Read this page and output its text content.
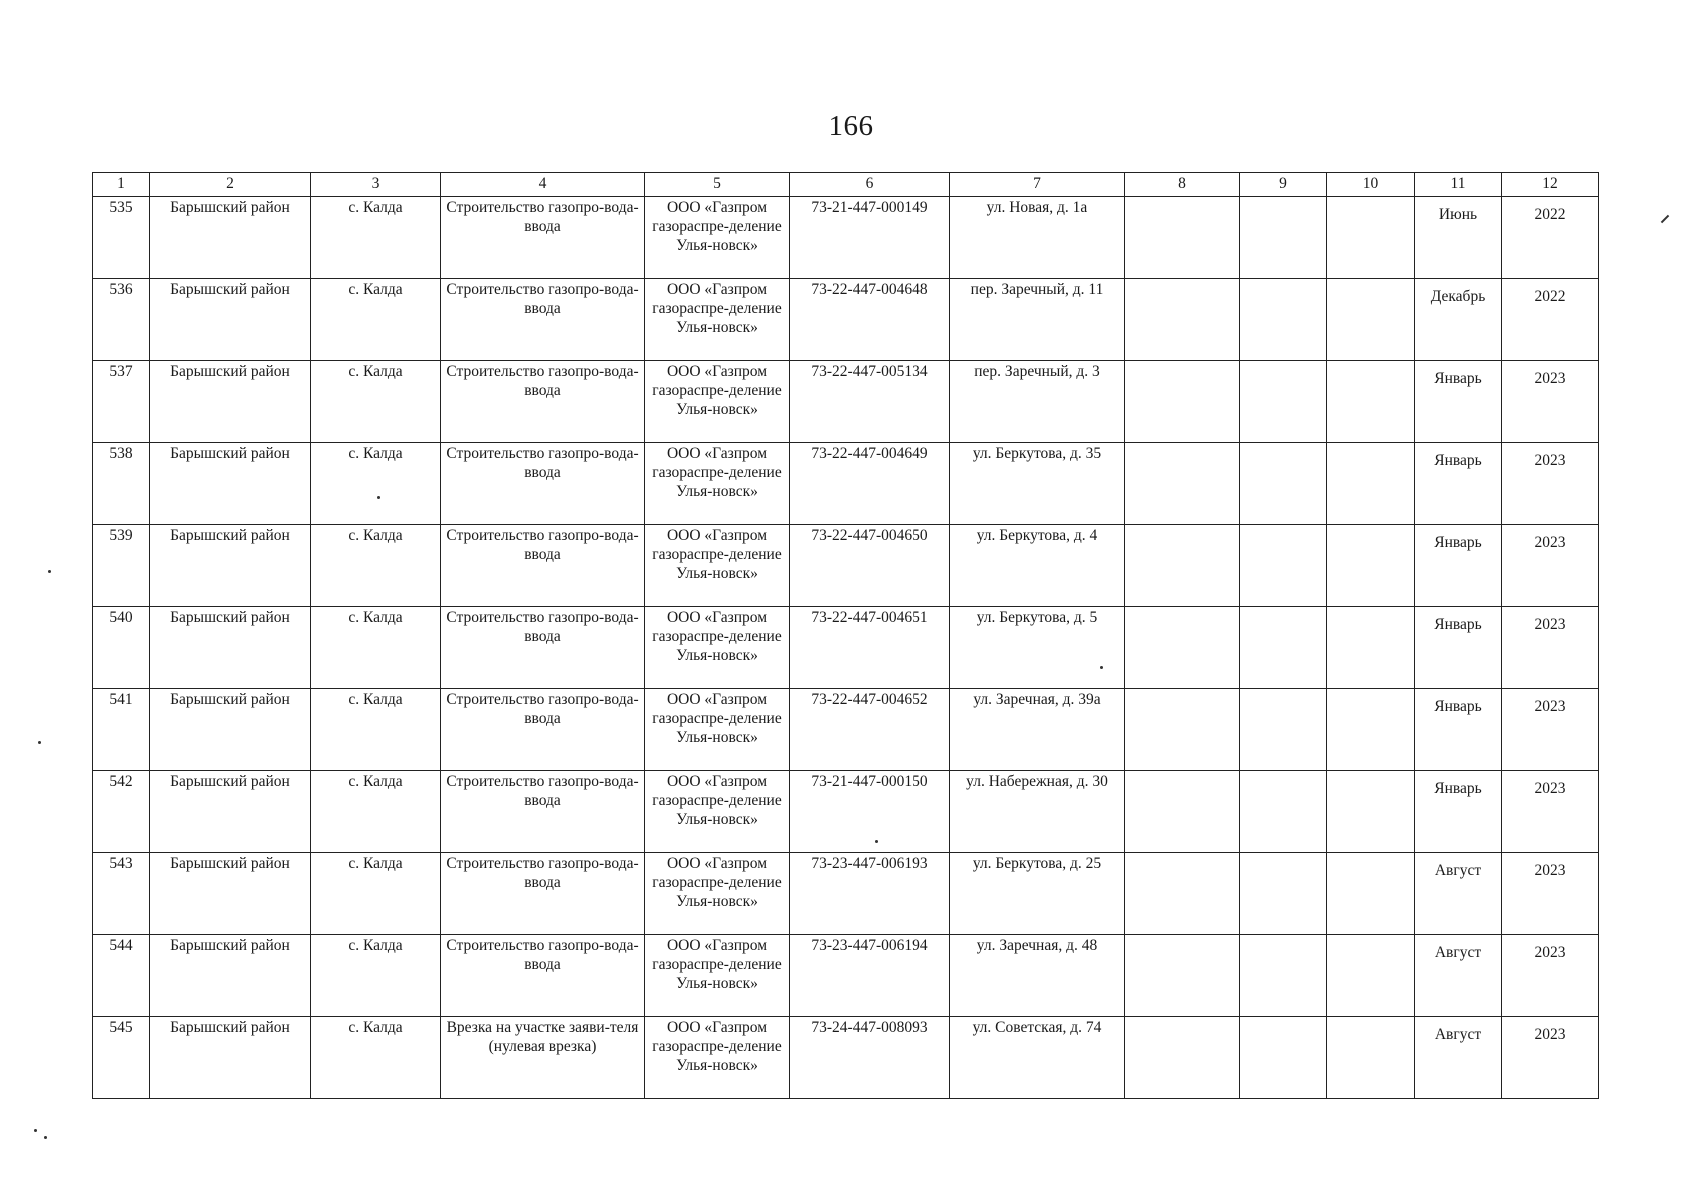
166
1	2	3	4	5	6	7	8	9	10	11	12
535	Барышский район	с. Калда	Строительство газопро-вода-ввода	ООО «Газпром газораспре-деление Улья-новск»	73-21-447-000149	ул. Новая, д. 1а				Июнь	2022
536	Барышский район	с. Калда	Строительство газопро-вода-ввода	ООО «Газпром газораспре-деление Улья-новск»	73-22-447-004648	пер. Заречный, д. 11				Декабрь	2022
537	Барышский район	с. Калда	Строительство газопро-вода-ввода	ООО «Газпром газораспре-деление Улья-новск»	73-22-447-005134	пер. Заречный, д. 3				Январь	2023
538	Барышский район	с. Калда	Строительство газопро-вода-ввода	ООО «Газпром газораспре-деление Улья-новск»	73-22-447-004649	ул. Беркутова, д. 35				Январь	2023
539	Барышский район	с. Калда	Строительство газопро-вода-ввода	ООО «Газпром газораспре-деление Улья-новск»	73-22-447-004650	ул. Беркутова, д. 4				Январь	2023
540	Барышский район	с. Калда	Строительство газопро-вода-ввода	ООО «Газпром газораспре-деление Улья-новск»	73-22-447-004651	ул. Беркутова, д. 5				Январь	2023
541	Барышский район	с. Калда	Строительство газопро-вода-ввода	ООО «Газпром газораспре-деление Улья-новск»	73-22-447-004652	ул. Заречная, д. 39а				Январь	2023
542	Барышский район	с. Калда	Строительство газопро-вода-ввода	ООО «Газпром газораспре-деление Улья-новск»	73-21-447-000150	ул. Набережная, д. 30				Январь	2023
543	Барышский район	с. Калда	Строительство газопро-вода-ввода	ООО «Газпром газораспре-деление Улья-новск»	73-23-447-006193	ул. Беркутова, д. 25				Август	2023
544	Барышский район	с. Калда	Строительство газопро-вода-ввода	ООО «Газпром газораспре-деление Улья-новск»	73-23-447-006194	ул. Заречная, д. 48				Август	2023
545	Барышский район	с. Калда	Врезка на участке заяви-теля (нулевая врезка)	ООО «Газпром газораспре-деление Улья-новск»	73-24-447-008093	ул. Советская, д. 74				Август	2023
